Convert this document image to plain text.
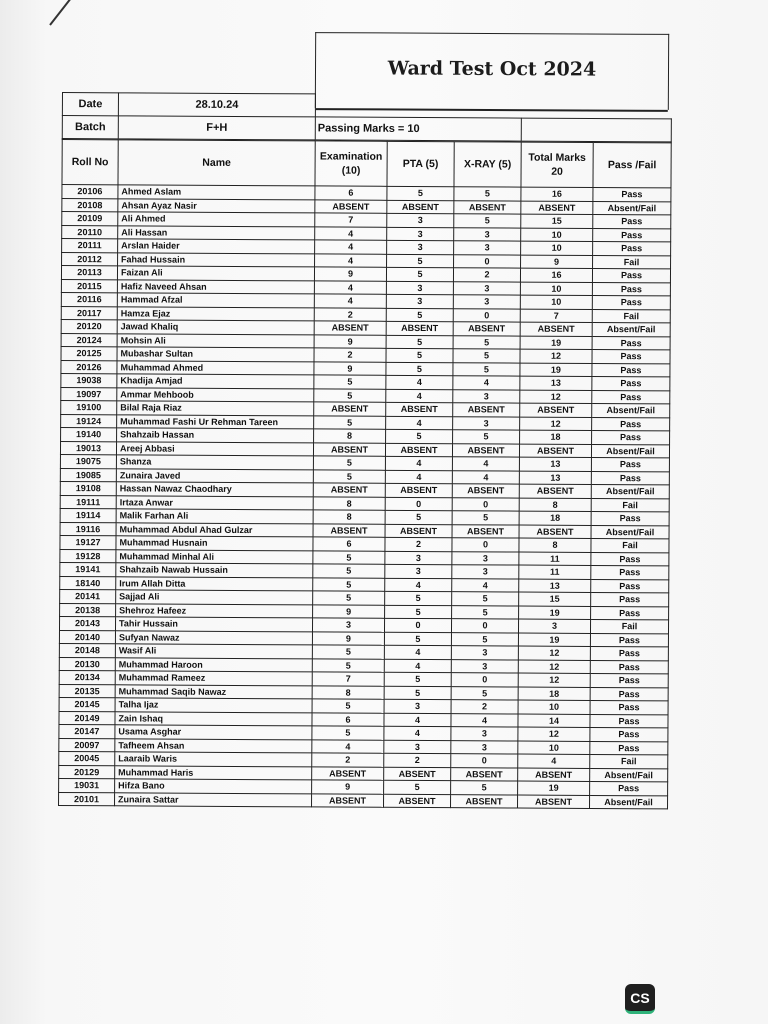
Ward Test Oct 2024
Date	28.10.24		
Batch	F+H	Passing Marks = 10	
Roll No	Name	Examination (10)	PTA (5)	X-RAY (5)	Total Marks 20	Pass /Fail
20106	Ahmed Aslam	6	5	5	16	Pass
20108	Ahsan Ayaz Nasir	ABSENT	ABSENT	ABSENT	ABSENT	Absent/Fail
20109	Ali Ahmed	7	3	5	15	Pass
20110	Ali Hassan	4	3	3	10	Pass
20111	Arslan Haider	4	3	3	10	Pass
20112	Fahad Hussain	4	5	0	9	Fail
20113	Faizan Ali	9	5	2	16	Pass
20115	Hafiz Naveed Ahsan	4	3	3	10	Pass
20116	Hammad Afzal	4	3	3	10	Pass
20117	Hamza Ejaz	2	5	0	7	Fail
20120	Jawad Khaliq	ABSENT	ABSENT	ABSENT	ABSENT	Absent/Fail
20124	Mohsin Ali	9	5	5	19	Pass
20125	Mubashar Sultan	2	5	5	12	Pass
20126	Muhammad Ahmed	9	5	5	19	Pass
19038	Khadija Amjad	5	4	4	13	Pass
19097	Ammar Mehboob	5	4	3	12	Pass
19100	Bilal Raja Riaz	ABSENT	ABSENT	ABSENT	ABSENT	Absent/Fail
19124	Muhammad Fashi Ur Rehman Tareen	5	4	3	12	Pass
19140	Shahzaib Hassan	8	5	5	18	Pass
19013	Areej Abbasi	ABSENT	ABSENT	ABSENT	ABSENT	Absent/Fail
19075	Shanza	5	4	4	13	Pass
19085	Zunaira Javed	5	4	4	13	Pass
19108	Hassan Nawaz Chaodhary	ABSENT	ABSENT	ABSENT	ABSENT	Absent/Fail
19111	Irtaza Anwar	8	0	0	8	Fail
19114	Malik Farhan Ali	8	5	5	18	Pass
19116	Muhammad Abdul Ahad Gulzar	ABSENT	ABSENT	ABSENT	ABSENT	Absent/Fail
19127	Muhammad Husnain	6	2	0	8	Fail
19128	Muhammad Minhal Ali	5	3	3	11	Pass
19141	Shahzaib Nawab Hussain	5	3	3	11	Pass
18140	Irum Allah Ditta	5	4	4	13	Pass
20141	Sajjad Ali	5	5	5	15	Pass
20138	Shehroz Hafeez	9	5	5	19	Pass
20143	Tahir Hussain	3	0	0	3	Fail
20140	Sufyan Nawaz	9	5	5	19	Pass
20148	Wasif Ali	5	4	3	12	Pass
20130	Muhammad Haroon	5	4	3	12	Pass
20134	Muhammad Rameez	7	5	0	12	Pass
20135	Muhammad Saqib Nawaz	8	5	5	18	Pass
20145	Talha Ijaz	5	3	2	10	Pass
20149	Zain Ishaq	6	4	4	14	Pass
20147	Usama Asghar	5	4	3	12	Pass
20097	Tafheem Ahsan	4	3	3	10	Pass
20045	Laaraib Waris	2	2	0	4	Fail
20129	Muhammad Haris	ABSENT	ABSENT	ABSENT	ABSENT	Absent/Fail
19031	Hifza Bano	9	5	5	19	Pass
20101	Zunaira Sattar	ABSENT	ABSENT	ABSENT	ABSENT	Absent/Fail
CS
